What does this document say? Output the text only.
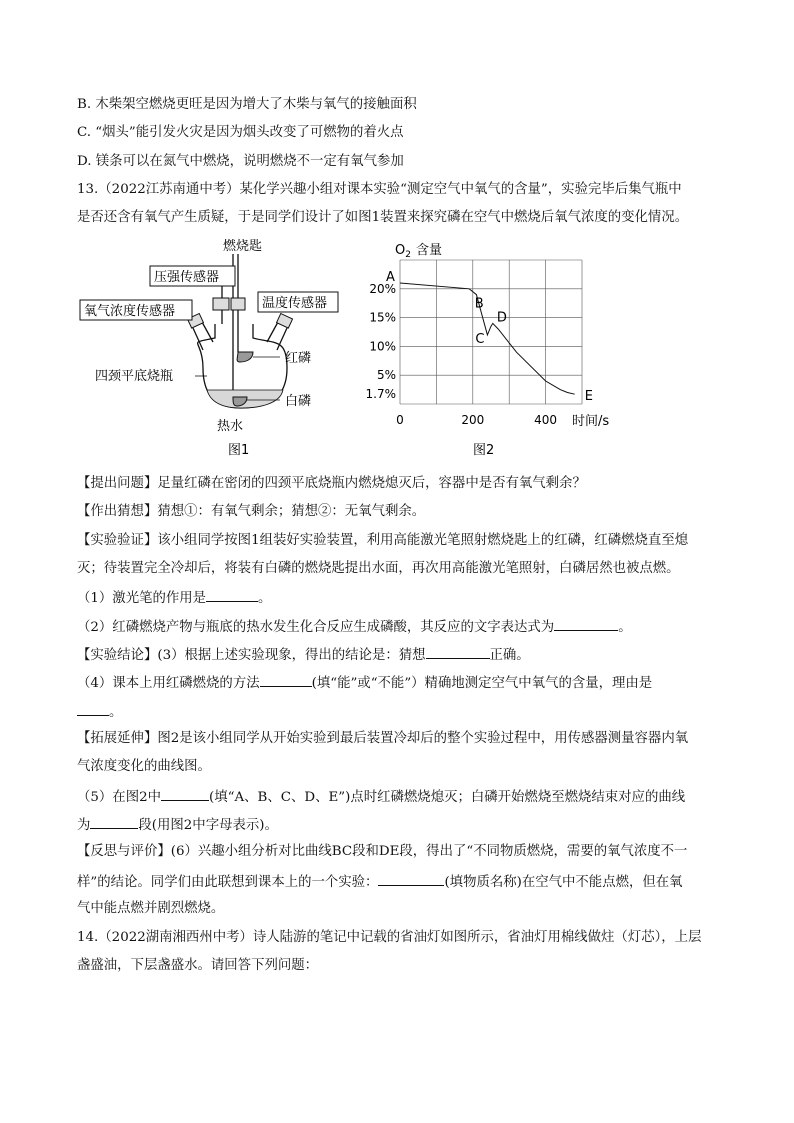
B. 木柴架空燃烧更旺是因为增大了木柴与氧气的接触面积
C. “烟头”能引发火灾是因为烟头改变了可燃物的着火点
D. 镁条可以在氮气中燃烧，说明燃烧不一定有氧气参加
13.（2022江苏南通中考）某化学兴趣小组对课本实验“测定空气中氧气的含量”，实验完毕后集气瓶中
是否还含有氧气产生质疑，于是同学们设计了如图1装置来探究磷在空气中燃烧后氧气浓度的变化情况。
压强传感器
氧气浓度传感器
温度传感器
燃烧匙
红磷
四颈平底烧瓶
白磷
热水
图1
20%
15%
10%
5%
1.7%
0	200	400
A
B
C
D
E
$O_2$ 含量
时间/s
图2
【提出问题】足量红磷在密闭的四颈平底烧瓶内燃烧熄灭后，容器中是否有氧气剩余？
【作出猜想】猜想①：有氧气剩余；猜想②：无氧气剩余。
【实验验证】该小组同学按图1组装好实验装置，利用高能激光笔照射燃烧匙上的红磷，红磷燃烧直至熄
灭；待装置完全冷却后，将装有白磷的燃烧匙提出水面，再次用高能激光笔照射，白磷居然也被点燃。
（1）激光笔的作用是	。
（2）红磷燃烧产物与瓶底的热水发生化合反应生成磷酸，其反应的文字表达式为	。
【实验结论】(3）根据上述实验现象，得出的结论是：猜想	正确。
（4）课本上用红磷燃烧的方法	(填“能”或“不能”）精确地测定空气中氧气的含量，理由是
。
【拓展延伸】图2是该小组同学从开始实验到最后装置冷却后的整个实验过程中，用传感器测量容器内氧
气浓度变化的曲线图。
（5）在图2中	(填“A、B、C、D、E”)点时红磷燃烧熄灭；白磷开始燃烧至燃烧结束对应的曲线
为	段(用图2中字母表示)。
【反思与评价】(6）兴趣小组分析对比曲线BC段和DE段，得出了“不同物质燃烧，需要的氧气浓度不一
样”的结论。同学们由此联想到课本上的一个实验：	(填物质名称)在空气中不能点燃，但在氧
气中能点燃并剧烈燃烧。
14.（2022湖南湘西州中考）诗人陆游的笔记中记载的省油灯如图所示，省油灯用棉线做炷（灯芯），上层
盏盛油，下层盏盛水。请回答下列问题：
